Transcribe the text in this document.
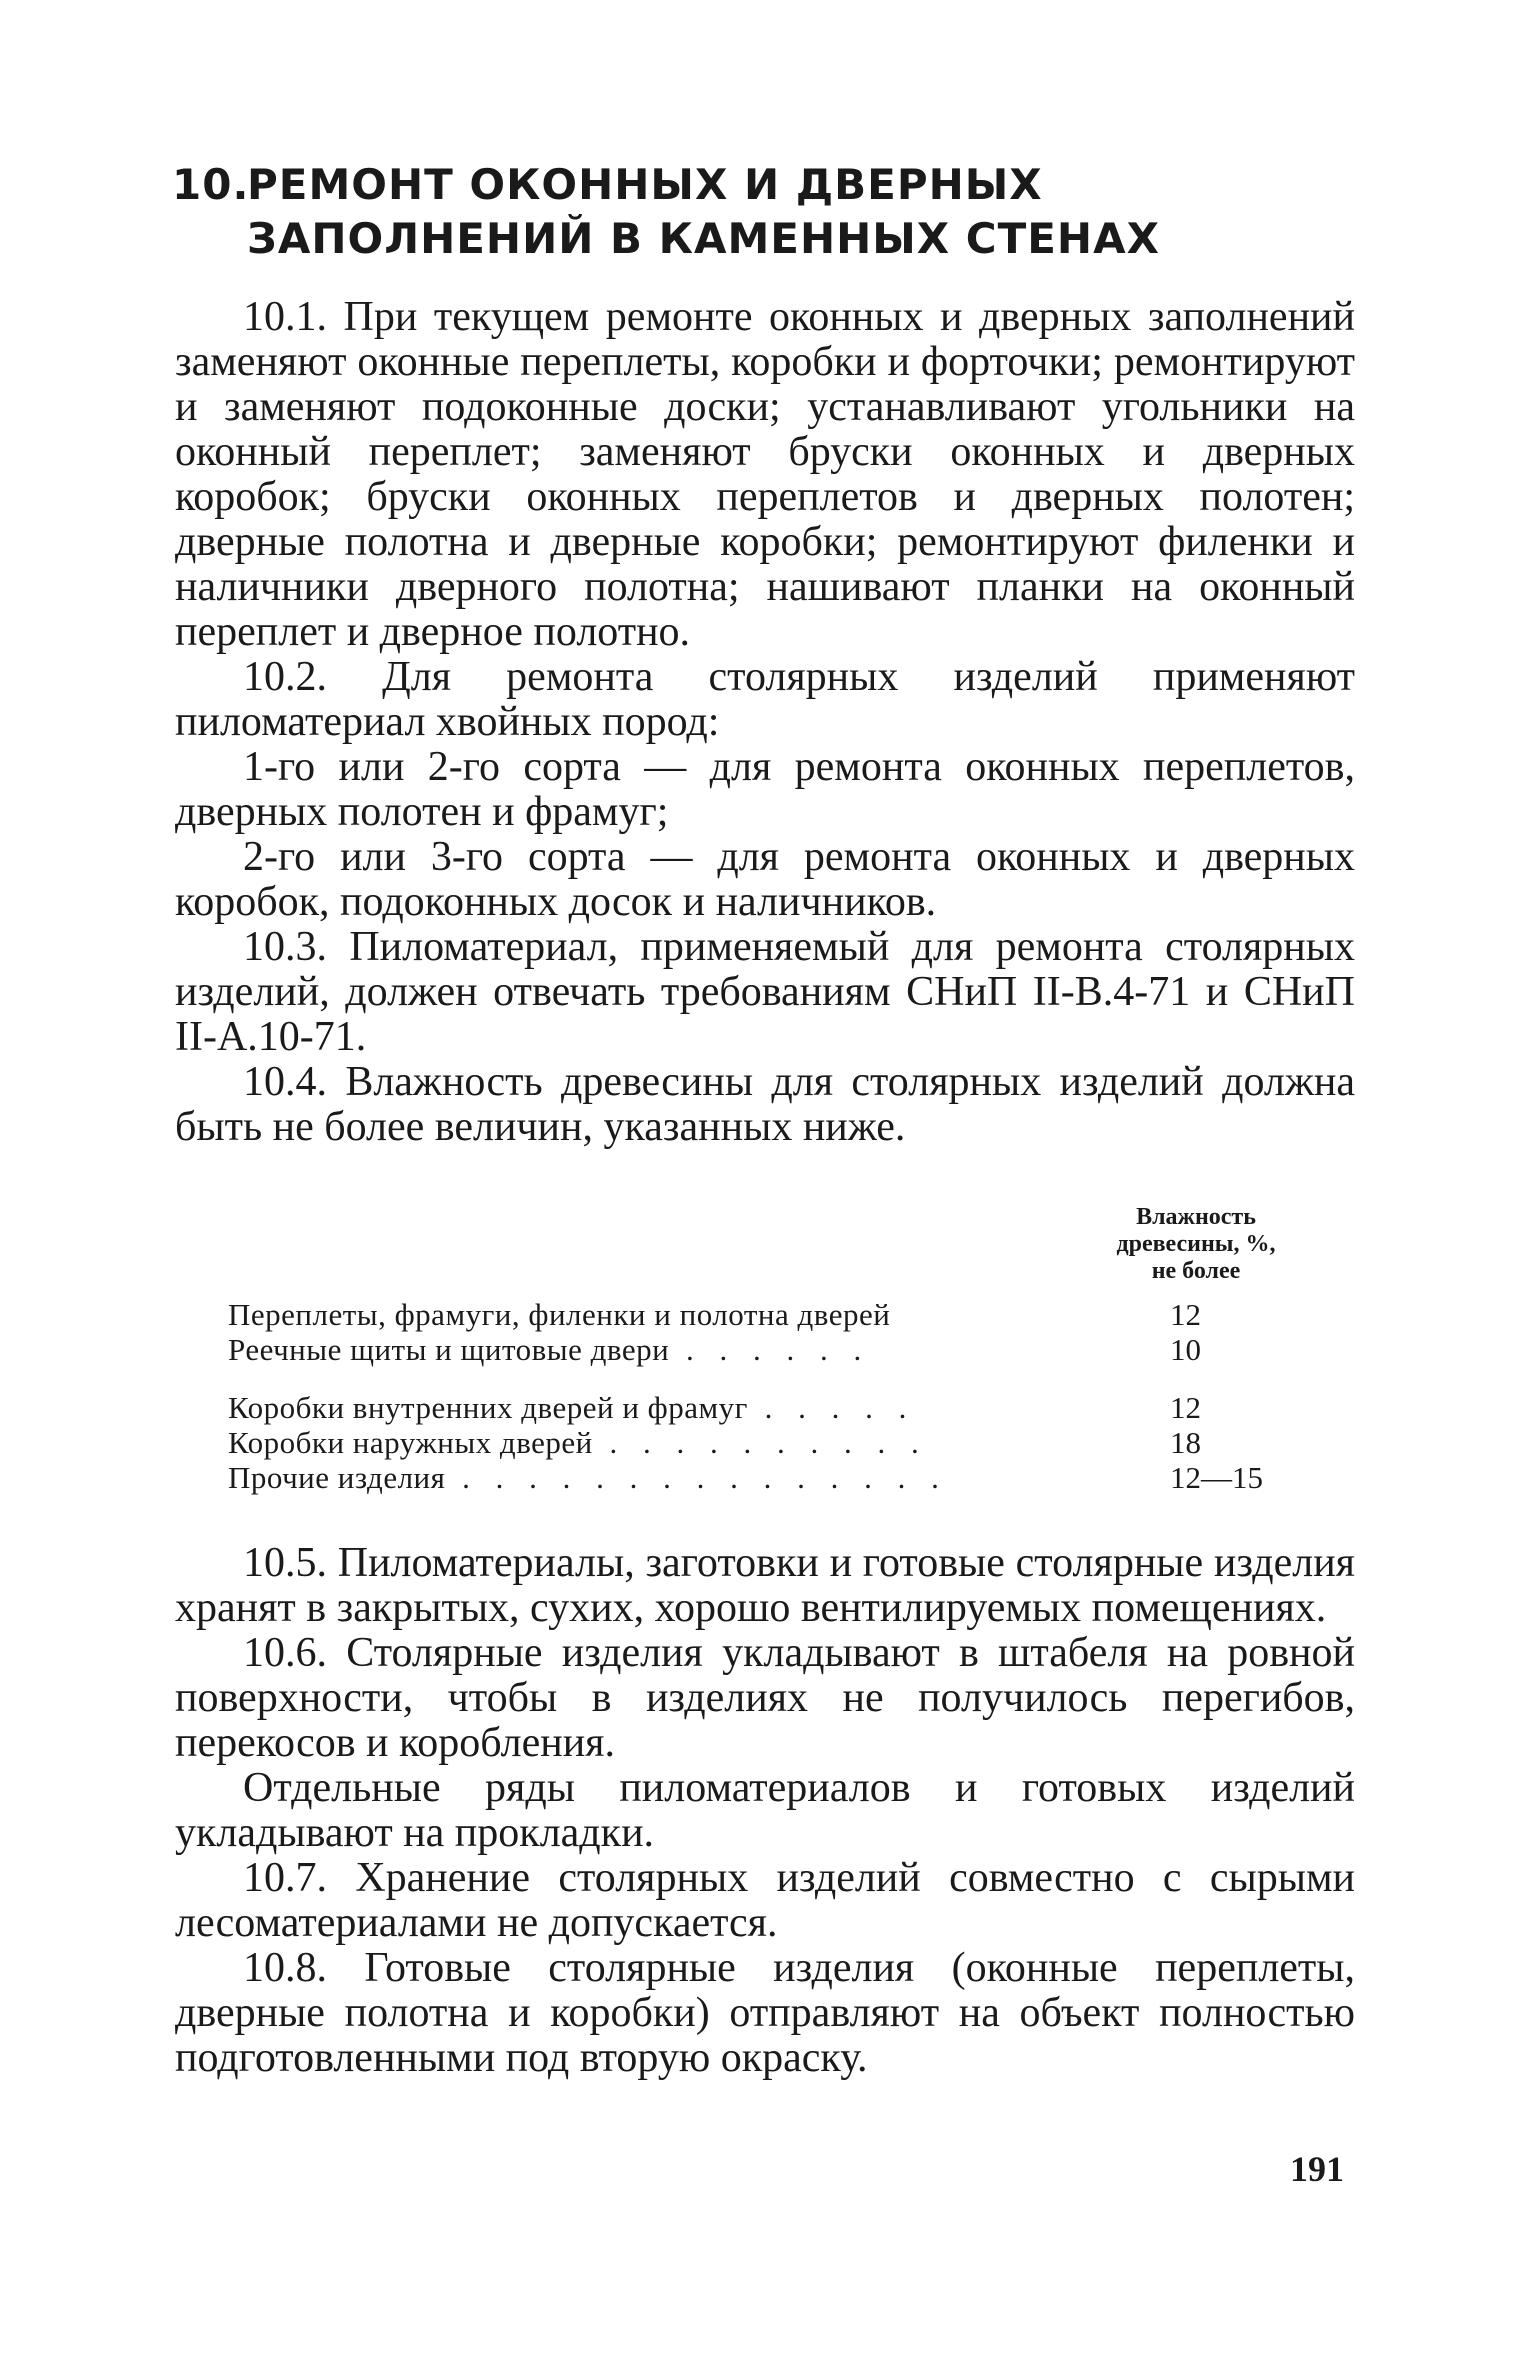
10.РЕМОНТ ОКОННЫХ И ДВЕРНЫХ
ЗАПОЛНЕНИЙ В КАМЕННЫХ СТЕНАХ

10.1. При текущем ремонте оконных и дверных заполнений заменяют оконные переплеты, коробки и форточки; ремонтируют и заменяют подоконные доски; устанавливают угольники на оконный переплет; заменяют бруски оконных и дверных коробок; бруски оконных переплетов и дверных полотен; дверные полотна и дверные коробки; ремонтируют филенки и наличники дверного полотна; нашивают планки на оконный переплет и дверное полотно.

10.2. Для ремонта столярных изделий применяют пиломатериал хвойных пород:

1-го или 2-го сорта — для ремонта оконных переплетов, дверных полотен и фрамуг;

2-го или 3-го сорта — для ремонта оконных и дверных коробок, подоконных досок и наличников.

10.3. Пиломатериал, применяемый для ремонта столярных изделий, должен отвечать требованиям СНиП II-В.4-71 и СНиП II-А.10-71.

10.4. Влажность древесины для столярных изделий должна быть не более величин, указанных ниже.

Влажность
древесины, %,
не более
Переплеты, фрамуги, филенки и полотна дверей	12
Реечные щиты и щитовые двери . . . . . .	10
Коробки внутренних дверей и фрамуг . . . . .	12
Коробки наружных дверей . . . . . . . . . .	18
Прочие изделия . . . . . . . . . . . . . . .	12—15

10.5. Пиломатериалы, заготовки и готовые столярные изделия хранят в закрытых, сухих, хорошо вентилируемых помещениях.

10.6. Столярные изделия укладывают в штабеля на ровной поверхности, чтобы в изделиях не получилось перегибов, перекосов и коробления.

Отдельные ряды пиломатериалов и готовых изделий укладывают на прокладки.

10.7. Хранение столярных изделий совместно с сырыми лесоматериалами не допускается.

10.8. Готовые столярные изделия (оконные переплеты, дверные полотна и коробки) отправляют на объект полностью подготовленными под вторую окраску.

191
